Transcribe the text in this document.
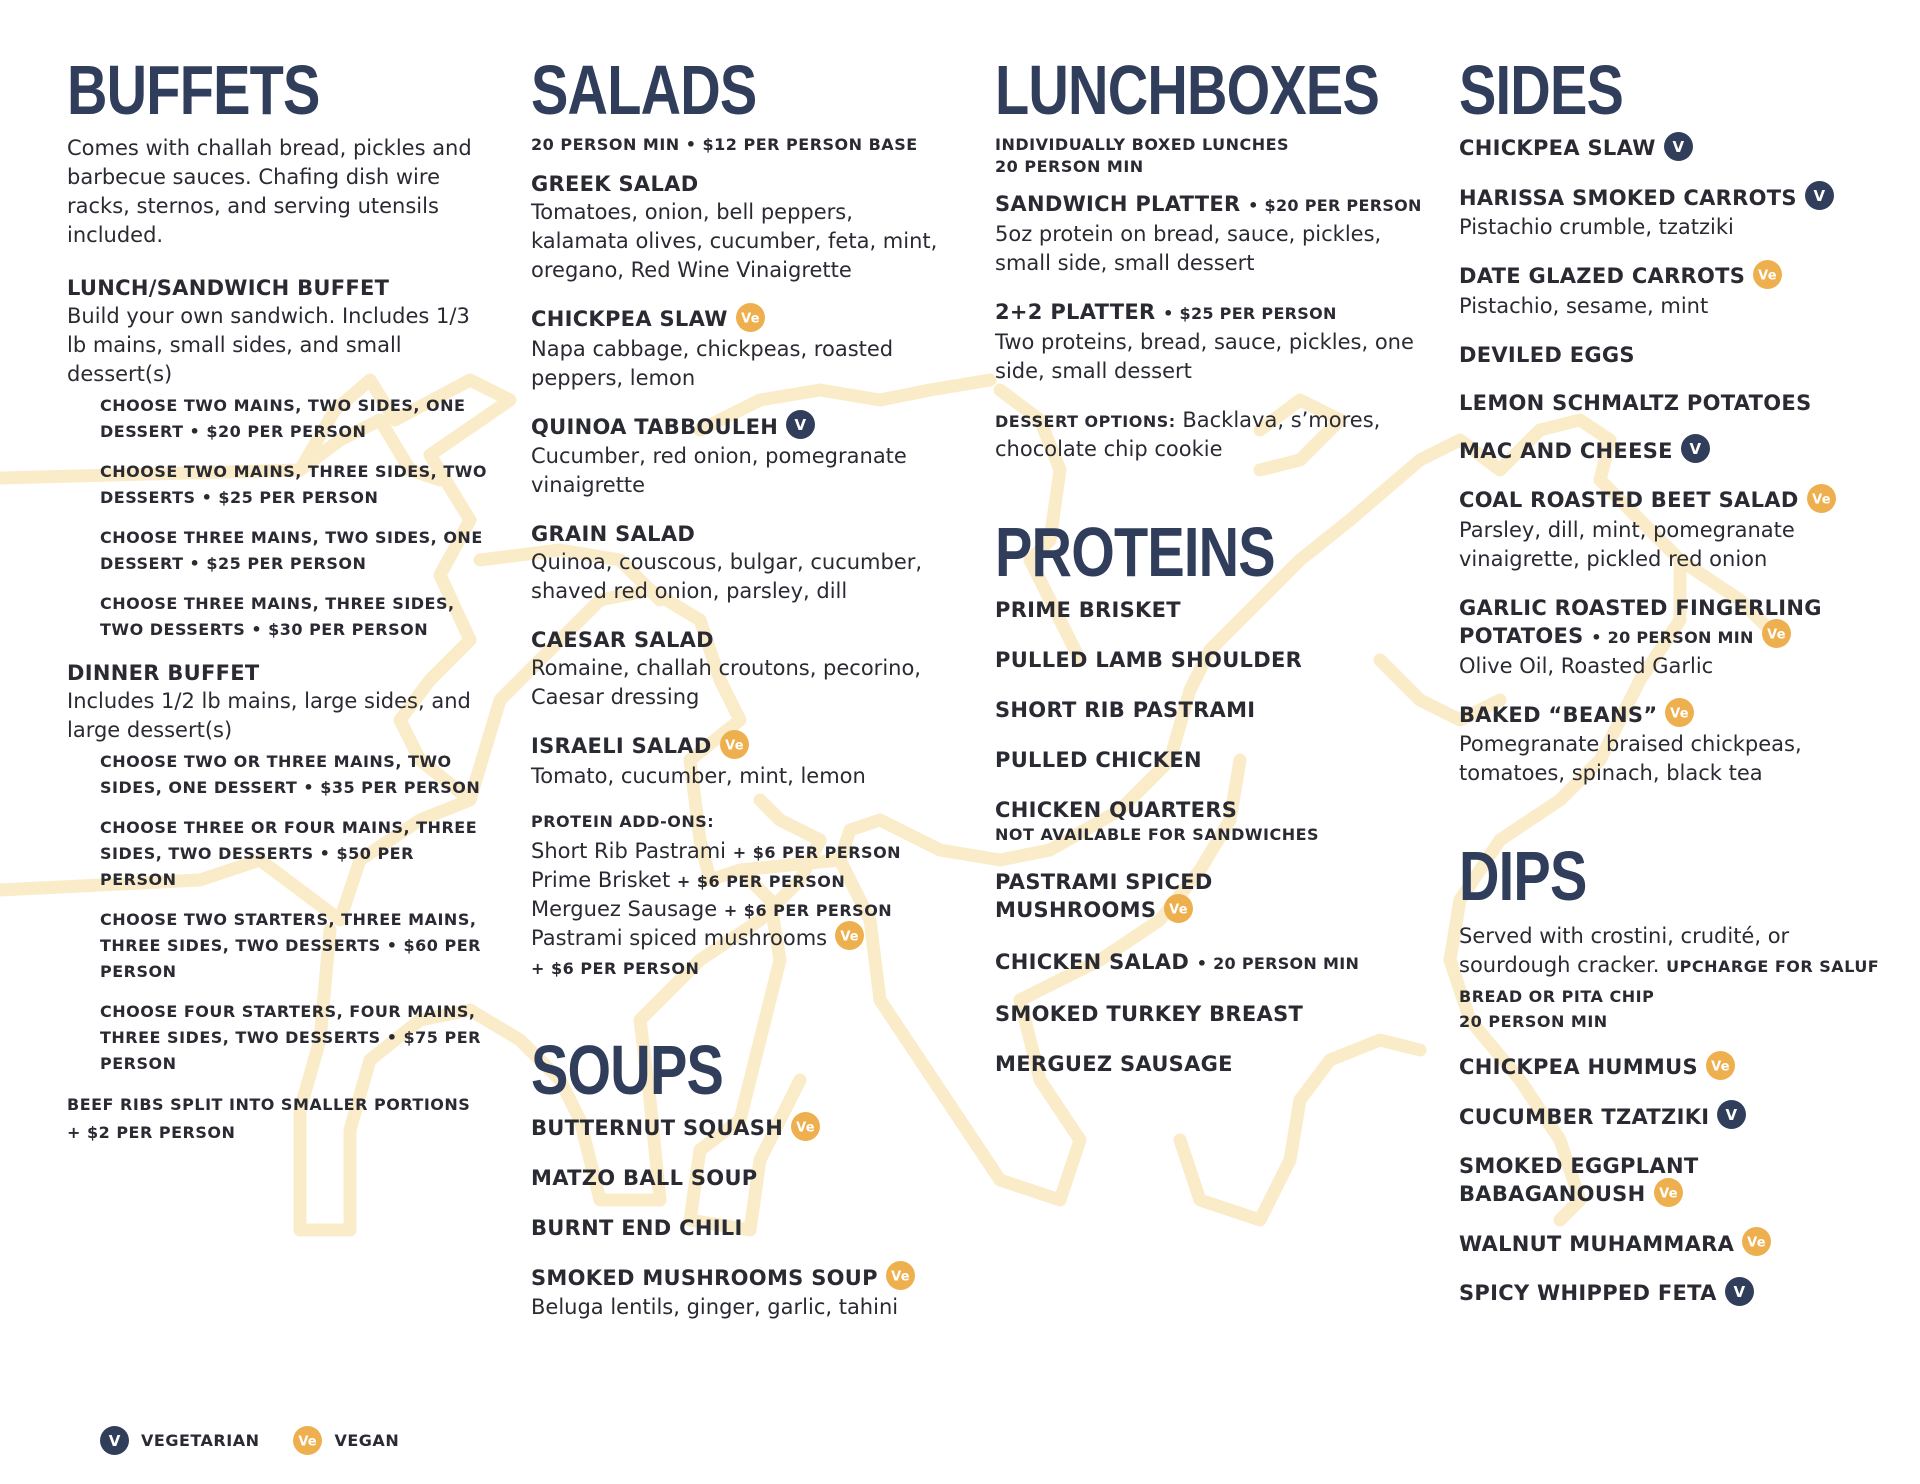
BUFFETS

Comes with challah bread, pickles and barbecue sauces. Chafing dish wire racks, sternos, and serving utensils included.

LUNCH/SANDWICH BUFFET

Build your own sandwich. Includes 1/3 lb mains, small sides, and small dessert(s)

CHOOSE TWO MAINS, TWO SIDES, ONE DESSERT • $20 PER PERSON

CHOOSE TWO MAINS, THREE SIDES, TWO DESSERTS • $25 PER PERSON

CHOOSE THREE MAINS, TWO SIDES, ONE DESSERT • $25 PER PERSON

CHOOSE THREE MAINS, THREE SIDES, TWO DESSERTS • $30 PER PERSON

DINNER BUFFET

Includes 1/2 lb mains, large sides, and large dessert(s)

CHOOSE TWO OR THREE MAINS, TWO SIDES, ONE DESSERT • $35 PER PERSON

CHOOSE THREE OR FOUR MAINS, THREE SIDES, TWO DESSERTS • $50 PER PERSON

CHOOSE TWO STARTERS, THREE MAINS, THREE SIDES, TWO DESSERTS • $60 PER PERSON

CHOOSE FOUR STARTERS, FOUR MAINS, THREE SIDES, TWO DESSERTS • $75 PER PERSON

BEEF RIBS SPLIT INTO SMALLER PORTIONS + $2 PER PERSON

SALADS

20 PERSON MIN • $12 PER PERSON BASE

GREEK SALAD

Tomatoes, onion, bell peppers, kalamata olives, cucumber, feta, mint, oregano, Red Wine Vinaigrette

CHICKPEA SLAW Ve

Napa cabbage, chickpeas, roasted peppers, lemon

QUINOA TABBOULEH V

Cucumber, red onion, pomegranate vinaigrette

GRAIN SALAD

Quinoa, couscous, bulgar, cucumber, shaved red onion, parsley, dill

CAESAR SALAD

Romaine, challah croutons, pecorino, Caesar dressing

ISRAELI SALAD Ve

Tomato, cucumber, mint, lemon

PROTEIN ADD-ONS:

Short Rib Pastrami + $6 PER PERSON

Prime Brisket + $6 PER PERSON

Merguez Sausage + $6 PER PERSON

Pastrami spiced mushrooms Ve

+ $6 PER PERSON

SOUPS

BUTTERNUT SQUASH Ve

MATZO BALL SOUP

BURNT END CHILI

SMOKED MUSHROOMS SOUP Ve

Beluga lentils, ginger, garlic, tahini

LUNCHBOXES

INDIVIDUALLY BOXED LUNCHES

20 PERSON MIN

SANDWICH PLATTER • $20 PER PERSON

5oz protein on bread, sauce, pickles, small side, small dessert

2+2 PLATTER • $25 PER PERSON

Two proteins, bread, sauce, pickles, one side, small dessert

DESSERT OPTIONS: Backlava, s’mores, chocolate chip cookie

PROTEINS

PRIME BRISKET

PULLED LAMB SHOULDER

SHORT RIB PASTRAMI

PULLED CHICKEN

CHICKEN QUARTERS

NOT AVAILABLE FOR SANDWICHES

PASTRAMI SPICED MUSHROOMS Ve

CHICKEN SALAD • 20 PERSON MIN

SMOKED TURKEY BREAST

MERGUEZ SAUSAGE

SIDES

CHICKPEA SLAW V

HARISSA SMOKED CARROTS V

Pistachio crumble, tzatziki

DATE GLAZED CARROTS Ve

Pistachio, sesame, mint

DEVILED EGGS

LEMON SCHMALTZ POTATOES

MAC AND CHEESE V

COAL ROASTED BEET SALAD Ve

Parsley, dill, mint, pomegranate vinaigrette, pickled red onion

GARLIC ROASTED FINGERLING POTATOES • 20 PERSON MIN Ve

Olive Oil, Roasted Garlic

BAKED “BEANS” Ve

Pomegranate braised chickpeas, tomatoes, spinach, black tea

DIPS

Served with crostini, crudité, or sourdough cracker. UPCHARGE FOR SALUF BREAD OR PITA CHIP

20 PERSON MIN

CHICKPEA HUMMUS Ve

CUCUMBER TZATZIKI V

SMOKED EGGPLANT BABAGANOUSH Ve

WALNUT MUHAMMARA Ve

SPICY WHIPPED FETA V

V VEGETARIAN	Ve VEGAN
